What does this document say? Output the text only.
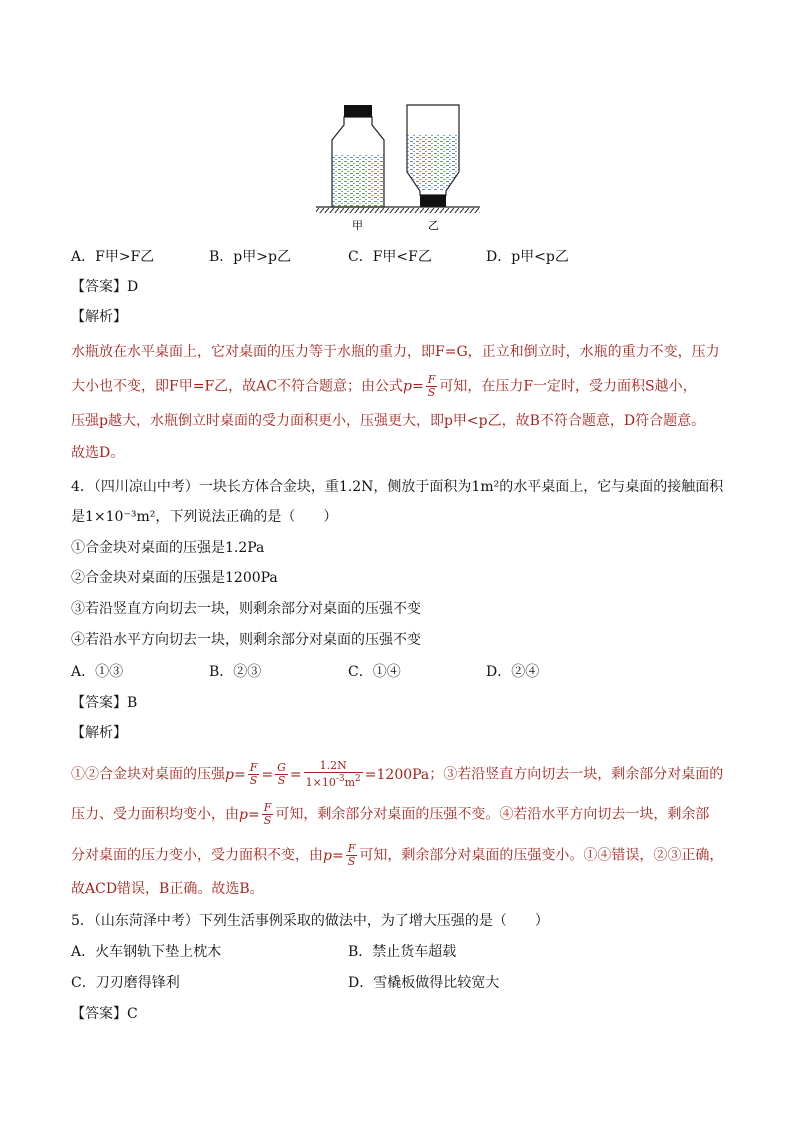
甲	乙
A．F甲>F乙	B．p甲>p乙	C．F甲<F乙	D．p甲<p乙
【答案】D
【解析】
水瓶放在水平桌面上，它对桌面的压力等于水瓶的重力，即F=G，正立和倒立时，水瓶的重力不变，压力
大小也不变，即F甲=F乙，故AC不符合题意；由公式$p= \frac{F}{S}$ 可知，在压力F一定时，受力面积S越小，
压强p越大，水瓶倒立时桌面的受力面积更小，压强更大，即p甲<p乙，故B不符合题意，D符合题意。
故选D。
4．（四川凉山中考）一块长方体合金块，重1.2N，侧放于面积为1m²的水平桌面上，它与桌面的接触面积
是1×10⁻³m²，下列说法正确的是（　　）
①合金块对桌面的压强是1.2Pa
②合金块对桌面的压强是1200Pa
③若沿竖直方向切去一块，则剩余部分对桌面的压强不变
④若沿水平方向切去一块，则剩余部分对桌面的压强不变
A．①③	B．②③	C．①④	D．②④
【答案】B
【解析】
①②合金块对桌面的压强$p= \frac{F}{S} = \frac{G}{S} = \frac{1.2N}{1\times 10^{-3}m^2} =1200Pa$；③若沿竖直方向切去一块，剩余部分对桌面的
压力、受力面积均变小，由$p= \frac{F}{S}$ 可知，剩余部分对桌面的压强不变。④若沿水平方向切去一块，剩余部
分对桌面的压力变小，受力面积不变，由$p= \frac{F}{S}$ 可知，剩余部分对桌面的压强变小。①④错误，②③正确，
故ACD错误，B正确。故选B。
5．（山东菏泽中考）下列生活事例采取的做法中，为了增大压强的是（　　）
A．火车钢轨下垫上枕木	B．禁止货车超载
C．刀刃磨得锋利	D．雪橇板做得比较宽大
【答案】C
